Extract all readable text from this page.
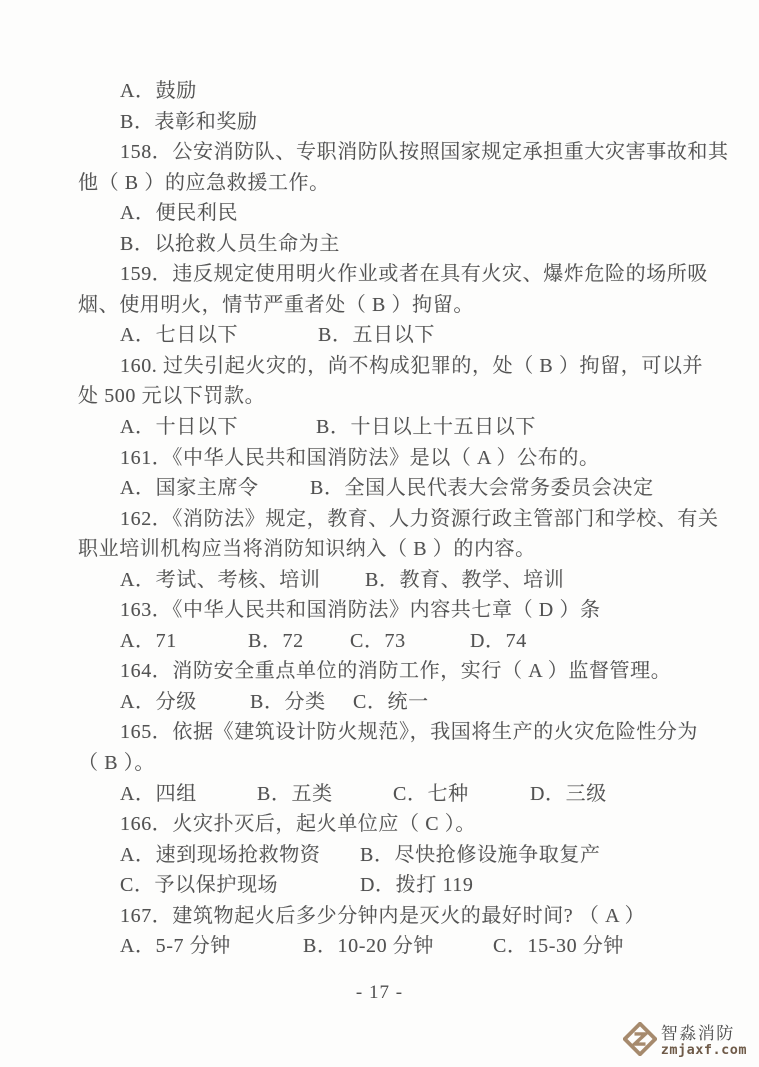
A．鼓励
B．表彰和奖励
158．公安消防队、专职消防队按照国家规定承担重大灾害事故和其
他（ B ）的应急救援工作。
A．便民利民
B．以抢救人员生命为主
159．违反规定使用明火作业或者在具有火灾、爆炸危险的场所吸
烟、使用明火，情节严重者处（ B ）拘留。
A．七日以下	B．五日以下
160. 过失引起火灾的，尚不构成犯罪的，处（ B ）拘留，可以并
处 500 元以下罚款。
A．十日以下	B．十日以上十五日以下
161．《中华人民共和国消防法》是以（ A ）公布的。
A．国家主席令	B．全国人民代表大会常务委员会决定
162．《消防法》规定，教育、人力资源行政主管部门和学校、有关
职业培训机构应当将消防知识纳入（ B ）的内容。
A．考试、考核、培训 B．教育、教学、培训
163．《中华人民共和国消防法》内容共七章（ D ）条
A．71	B．72 C．73	D．74
164．消防安全重点单位的消防工作，实行（ A ）监督管理。
A．分级	B．分类 C．统一
165．依据《建筑设计防火规范》，我国将生产的火灾危险性分为
（ B ）。
A．四组	B．五类	C．七种	D．三级
166．火灾扑灭后，起火单位应（ C ）。
A．速到现场抢救物资 B．尽快抢修设施争取复产
C．予以保护现场	D．拨打 119
167．建筑物起火后多少分钟内是灭火的最好时间? （ A ）
A．5-7 分钟	B．10-20 分钟	C．15-30 分钟
- 17 -
智淼消防
zmjaxf.com
